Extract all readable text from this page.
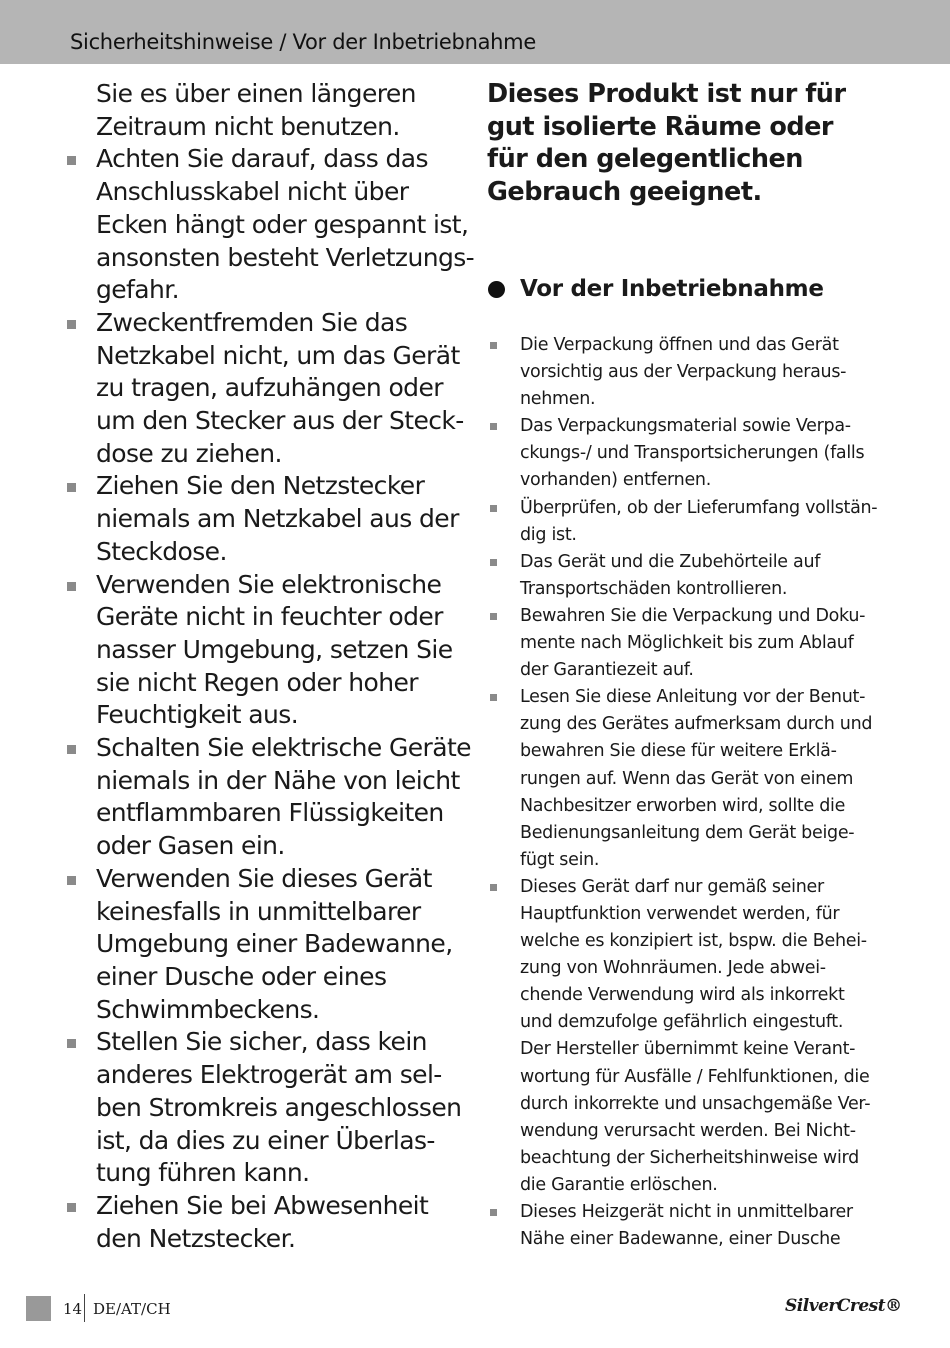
Sicherheitshinweise / Vor der Inbetriebnahme
Sie es über einen längeren
Zeitraum nicht benutzen.
Achten Sie darauf, dass das
Anschlusskabel nicht über
Ecken hängt oder gespannt ist,
ansonsten besteht Verletzungs-
gefahr.
Zweckentfremden Sie das
Netzkabel nicht, um das Gerät
zu tragen, aufzuhängen oder
um den Stecker aus der Steck-
dose zu ziehen.
Ziehen Sie den Netzstecker
niemals am Netzkabel aus der
Steckdose.
Verwenden Sie elektronische
Geräte nicht in feuchter oder
nasser Umgebung, setzen Sie
sie nicht Regen oder hoher
Feuchtigkeit aus.
Schalten Sie elektrische Geräte
niemals in der Nähe von leicht
entflammbaren Flüssigkeiten
oder Gasen ein.
Verwenden Sie dieses Gerät
keinesfalls in unmittelbarer
Umgebung einer Badewanne,
einer Dusche oder eines
Schwimmbeckens.
Stellen Sie sicher, dass kein
anderes Elektrogerät am sel-
ben Stromkreis angeschlossen
ist, da dies zu einer Überlas-
tung führen kann.
Ziehen Sie bei Abwesenheit
den Netzstecker.
Dieses Produkt ist nur für
gut isolierte Räume oder
für den gelegentlichen
Gebrauch geeignet.
Vor der Inbetriebnahme
Die Verpackung öffnen und das Gerät
vorsichtig aus der Verpackung heraus-
nehmen.
Das Verpackungsmaterial sowie Verpa-
ckungs-/ und Transportsicherungen (falls
vorhanden) entfernen.
Überprüfen, ob der Lieferumfang vollstän-
dig ist.
Das Gerät und die Zubehörteile auf
Transportschäden kontrollieren.
Bewahren Sie die Verpackung und Doku-
mente nach Möglichkeit bis zum Ablauf
der Garantiezeit auf.
Lesen Sie diese Anleitung vor der Benut-
zung des Gerätes aufmerksam durch und
bewahren Sie diese für weitere Erklä-
rungen auf. Wenn das Gerät von einem
Nachbesitzer erworben wird, sollte die
Bedienungsanleitung dem Gerät beige-
fügt sein.
Dieses Gerät darf nur gemäß seiner
Hauptfunktion verwendet werden, für
welche es konzipiert ist, bspw. die Behei-
zung von Wohnräumen. Jede abwei-
chende Verwendung wird als inkorrekt
und demzufolge gefährlich eingestuft.
Der Hersteller übernimmt keine Verant-
wortung für Ausfälle / Fehlfunktionen, die
durch inkorrekte und unsachgemäße Ver-
wendung verursacht werden. Bei Nicht-
beachtung der Sicherheitshinweise wird
die Garantie erlöschen.
Dieses Heizgerät nicht in unmittelbarer
Nähe einer Badewanne, einer Dusche
14 DE/AT/CH	SilverCrest®
